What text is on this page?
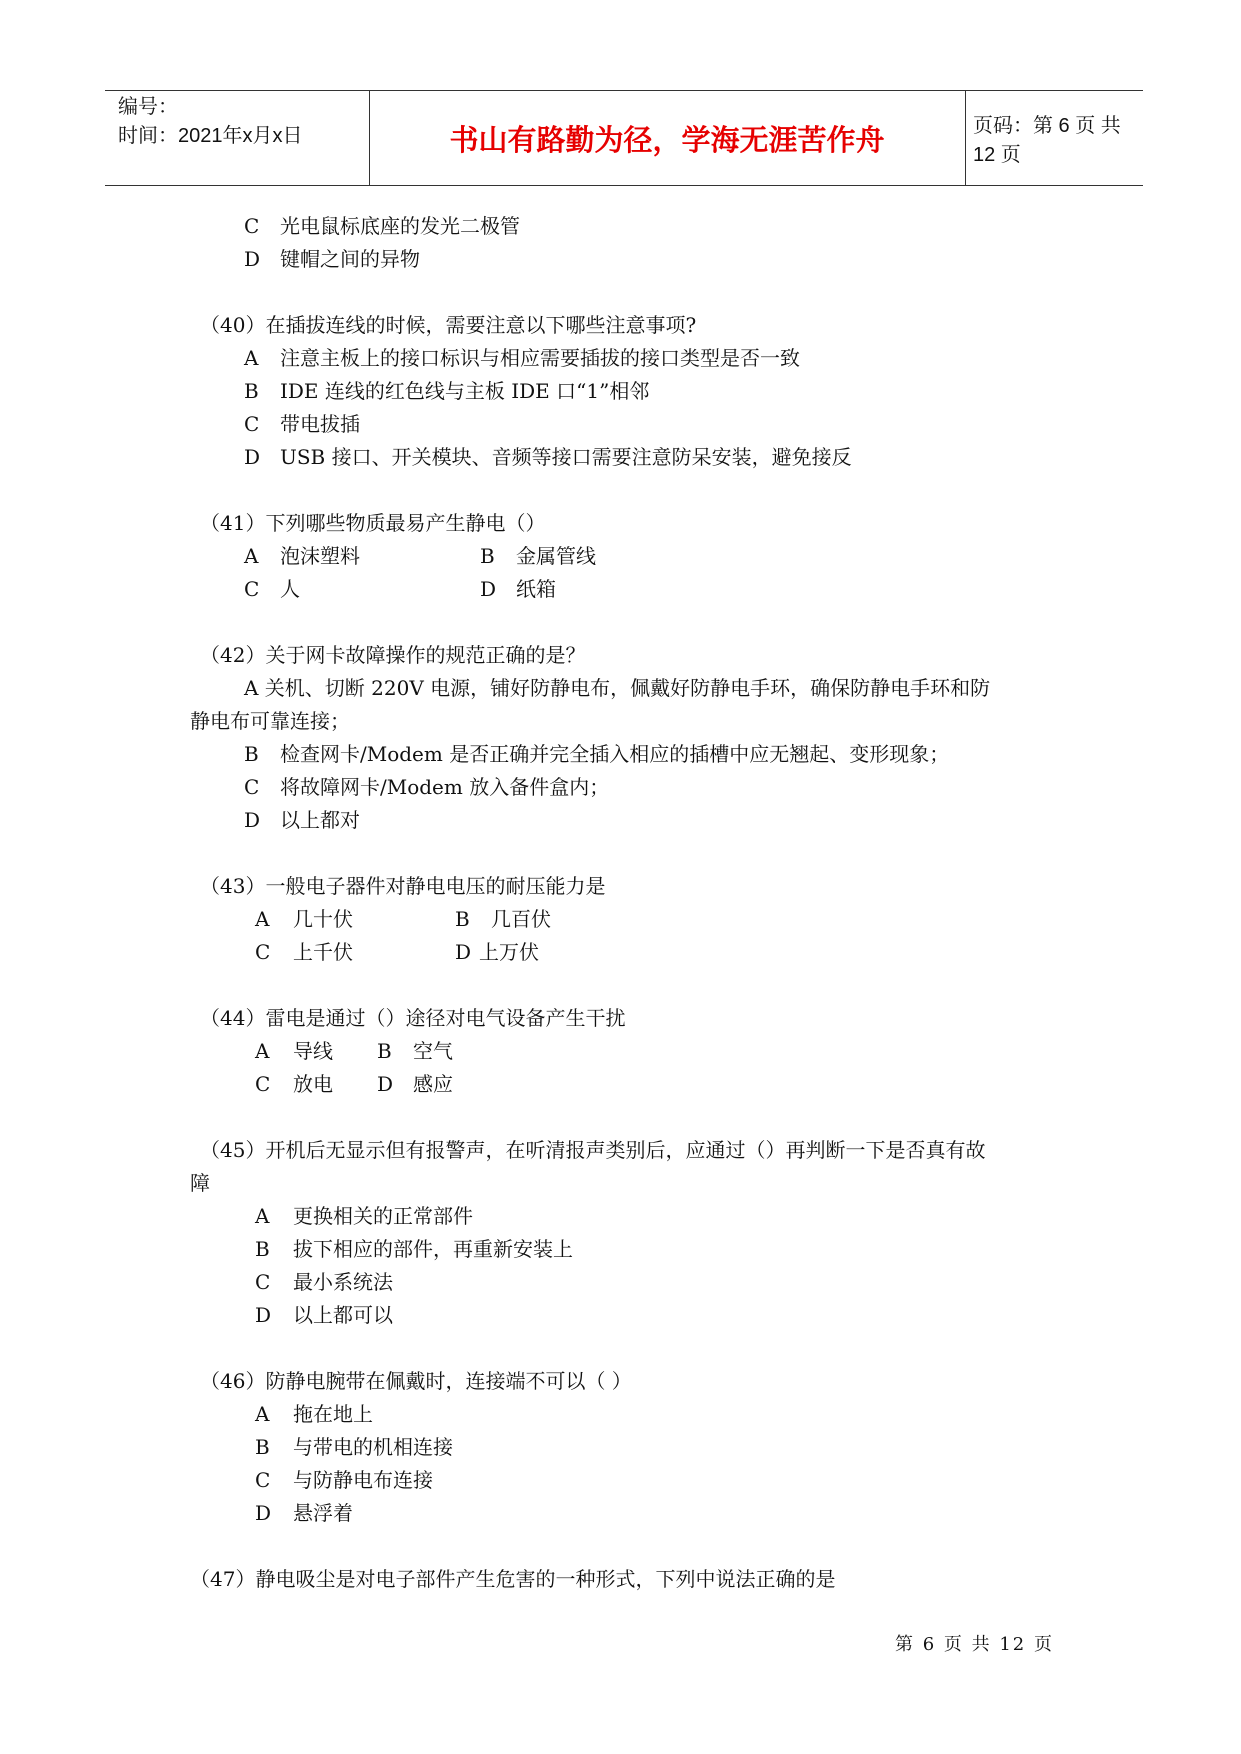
编号：
时间：2021年x月x日	书山有路勤为径，学海无涯苦作舟	页码：第 6 页 共 12 页
C 光电鼠标底座的发光二极管
D 键帽之间的异物
（40）在插拔连线的时候，需要注意以下哪些注意事项?
A 注意主板上的接口标识与相应需要插拔的接口类型是否一致
B IDE 连线的红色线与主板 IDE 口“1”相邻
C 带电拔插
D USB 接口、开关模块、音频等接口需要注意防呆安装，避免接反
（41）下列哪些物质最易产生静电（）
A 泡沫塑料	B 金属管线
C 人	D 纸箱
（42）关于网卡故障操作的规范正确的是？
A 关机、切断 220V 电源，铺好防静电布，佩戴好防静电手环，确保防静电手环和防
静电布可靠连接；
B 检查网卡/Modem 是否正确并完全插入相应的插槽中应无翘起、变形现象；
C 将故障网卡/Modem 放入备件盒内；
D 以上都对
（43）一般电子器件对静电电压的耐压能力是
A 几十伏	B 几百伏
C 上千伏	D 上万伏
（44）雷电是通过（）途径对电气设备产生干扰
A 导线 B 空气
C 放电 D 感应
（45）开机后无显示但有报警声，在听清报声类别后，应通过（）再判断一下是否真有故
障
A 更换相关的正常部件
B 拔下相应的部件，再重新安装上
C 最小系统法
D 以上都可以
（46）防静电腕带在佩戴时，连接端不可以（ ）
A 拖在地上
B 与带电的机相连接
C 与防静电布连接
D 悬浮着
（47）静电吸尘是对电子部件产生危害的一种形式，下列中说法正确的是
第 6 页 共 12 页
